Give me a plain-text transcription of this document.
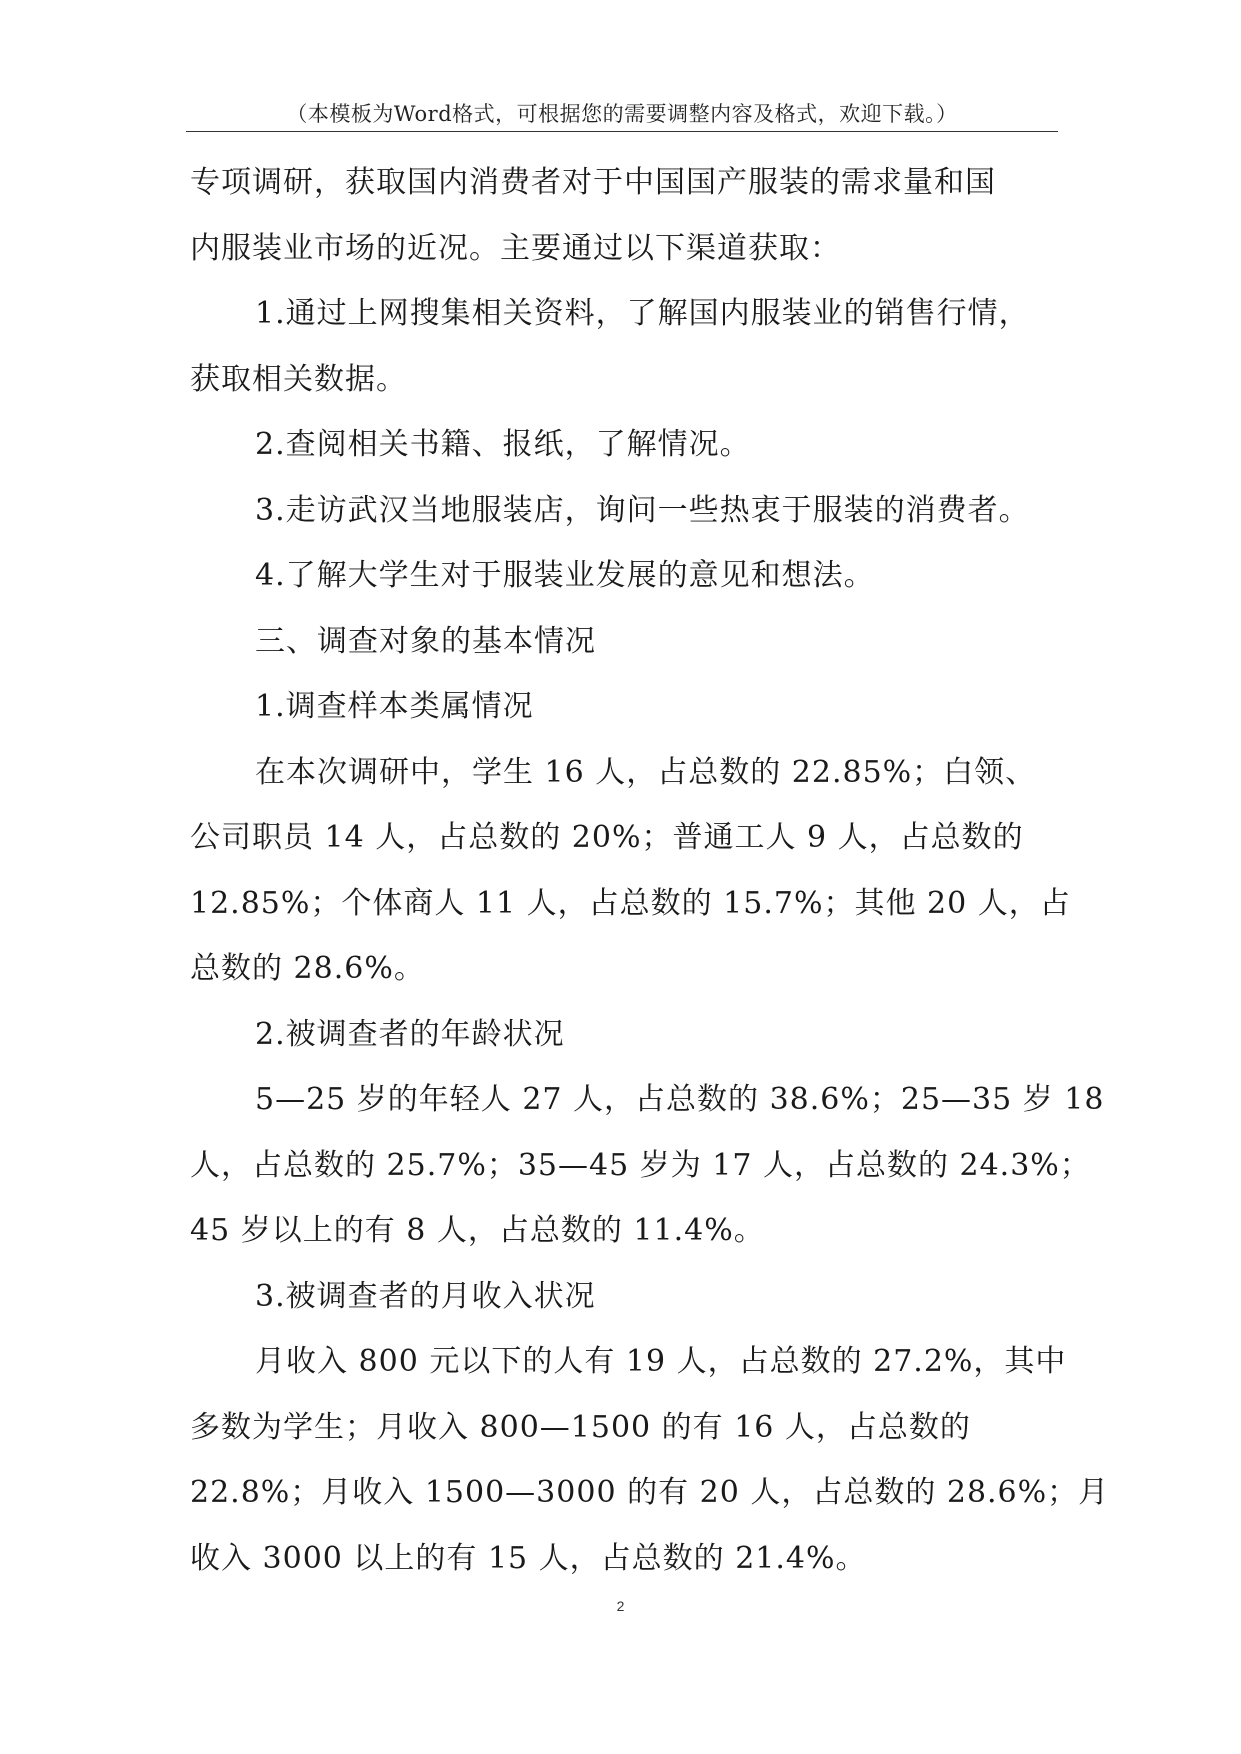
（本模板为Word格式，可根据您的需要调整内容及格式，欢迎下载。）
专项调研，获取国内消费者对于中国国产服装的需求量和国
内服装业市场的近况。主要通过以下渠道获取：
1.通过上网搜集相关资料，了解国内服装业的销售行情，
获取相关数据。
2.查阅相关书籍、报纸，了解情况。
3.走访武汉当地服装店，询问一些热衷于服装的消费者。
4.了解大学生对于服装业发展的意见和想法。
三、调查对象的基本情况
1.调查样本类属情况
在本次调研中，学生 16 人，占总数的 22.85%；白领、
公司职员 14 人，占总数的 20%；普通工人 9 人，占总数的
12.85%；个体商人 11 人，占总数的 15.7%；其他 20 人，占
总数的 28.6%。
2.被调查者的年龄状况
5—25 岁的年轻人 27 人，占总数的 38.6%；25—35 岁 18
人，占总数的 25.7%；35—45 岁为 17 人，占总数的 24.3%；
45 岁以上的有 8 人，占总数的 11.4%。
3.被调查者的月收入状况
月收入 800 元以下的人有 19 人，占总数的 27.2%，其中
多数为学生；月收入 800—1500 的有 16 人，占总数的
22.8%；月收入 1500—3000 的有 20 人，占总数的 28.6%；月
收入 3000 以上的有 15 人，占总数的 21.4%。
2
